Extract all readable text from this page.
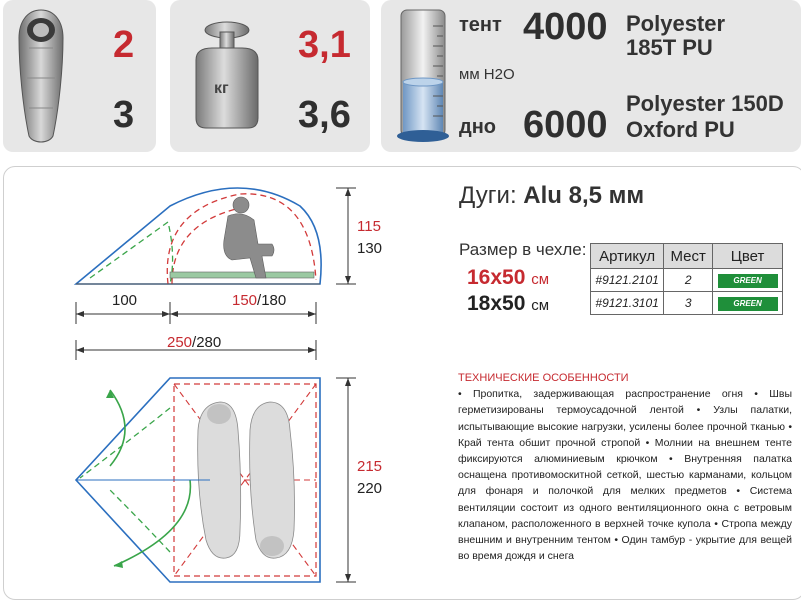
2
3
кг
3,1
3,6
тент 4000 Polyester
185T PU
мм H2O
дно 6000
Polyester 150D
Oxford PU
115
130
100	150/180
250/280
215
220
Дуги: Alu 8,5 мм
Размер в чехле:
16x50 см
18x50 см
Артикул	Мест	Цвет
#9121.2101	2	GREEN
#9121.3101	3	GREEN
ТЕХНИЧЕСКИЕ ОСОБЕННОСТИ
• Пропитка, задерживающая распространение огня • Швы герметизированы термоусадочной лентой • Узлы палатки, испытывающие высокие нагрузки, усилены более прочной тканью • Край тента обшит прочной стропой • Молнии на внешнем тенте фиксируются алюминиевым крючком • Внутренняя палатка оснащена противомоскитной сеткой, шестью карманами, кольцом для фонаря и полочкой для мелких предметов • Система вентиляции состоит из одного вентиляционного окна с ветровым клапаном, расположенного в верхней точке купола • Стропа между внешним и внутренним тентом • Один тамбур - укрытие для вещей во время дождя и снега
